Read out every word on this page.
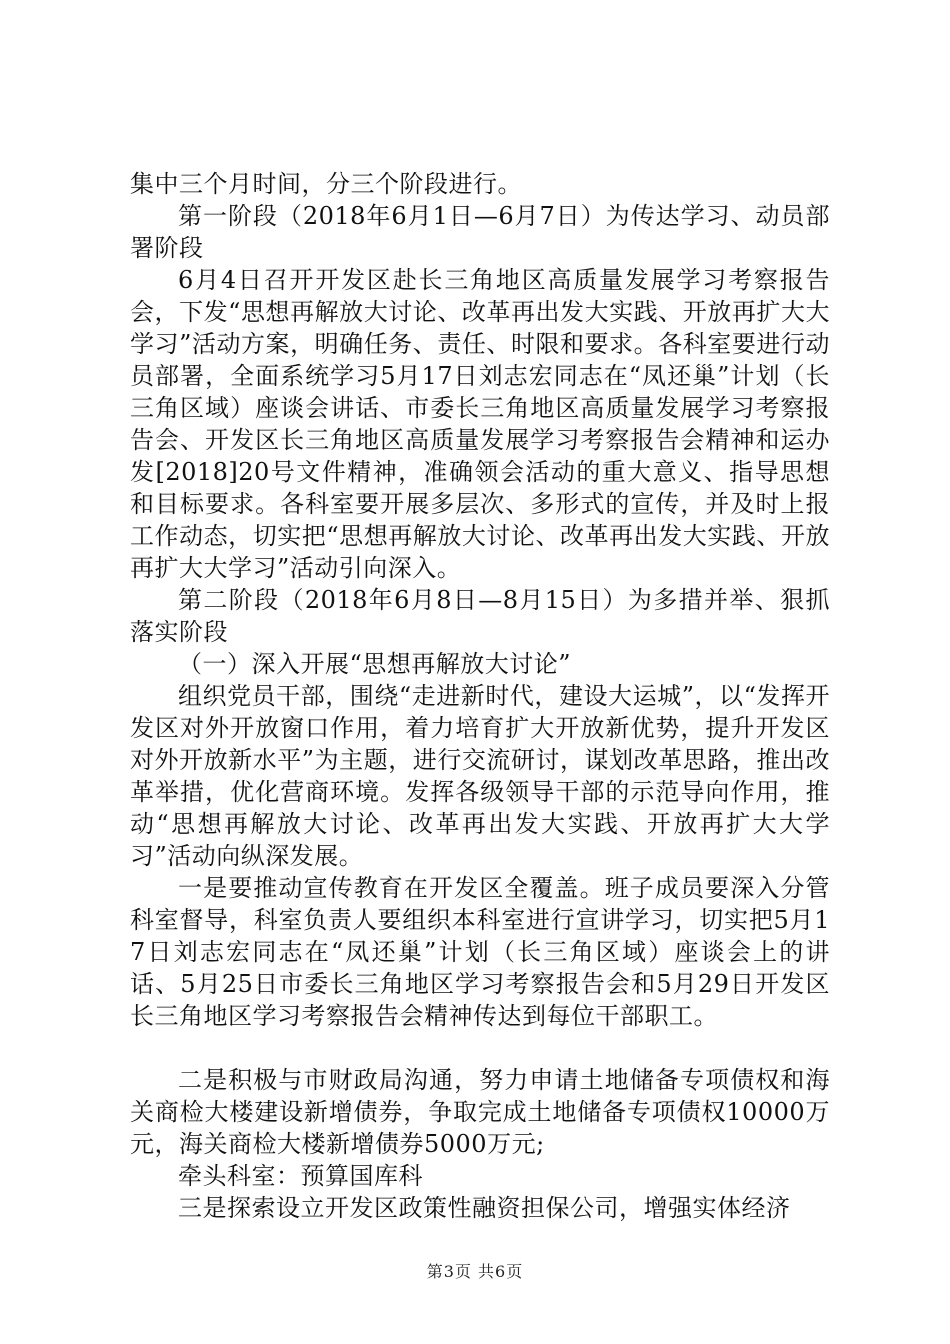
集中三个月时间，分三个阶段进行。

第一阶段（2018年6月1日—6月7日）为传达学习、动员部署阶段

6月4日召开开发区赴长三角地区高质量发展学习考察报告会，下发“思想再解放大讨论、改革再出发大实践、开放再扩大大学习”活动方案，明确任务、责任、时限和要求。各科室要进行动员部署，全面系统学习5月17日刘志宏同志在“凤还巢”计划（长三角区域）座谈会讲话、市委长三角地区高质量发展学习考察报告会、开发区长三角地区高质量发展学习考察报告会精神和运办发[2018]20号文件精神，准确领会活动的重大意义、指导思想和目标要求。各科室要开展多层次、多形式的宣传，并及时上报工作动态，切实把“思想再解放大讨论、改革再出发大实践、开放再扩大大学习”活动引向深入。

第二阶段（2018年6月8日—8月15日）为多措并举、狠抓落实阶段

（一）深入开展“思想再解放大讨论”

组织党员干部，围绕“走进新时代，建设大运城”，以“发挥开发区对外开放窗口作用，着力培育扩大开放新优势，提升开发区对外开放新水平”为主题，进行交流研讨，谋划改革思路，推出改革举措，优化营商环境。发挥各级领导干部的示范导向作用，推动“思想再解放大讨论、改革再出发大实践、开放再扩大大学习”活动向纵深发展。

一是要推动宣传教育在开发区全覆盖。班子成员要深入分管科室督导，科室负责人要组织本科室进行宣讲学习，切实把5月17日刘志宏同志在“凤还巢”计划（长三角区域）座谈会上的讲话、5月25日市委长三角地区学习考察报告会和5月29日开发区长三角地区学习考察报告会精神传达到每位干部职工。

二是积极与市财政局沟通，努力申请土地储备专项债权和海关商检大楼建设新增债券，争取完成土地储备专项债权10000万元，海关商检大楼新增债券5000万元;

牵头科室：预算国库科

三是探索设立开发区政策性融资担保公司，增强实体经济

第3页 共6页
